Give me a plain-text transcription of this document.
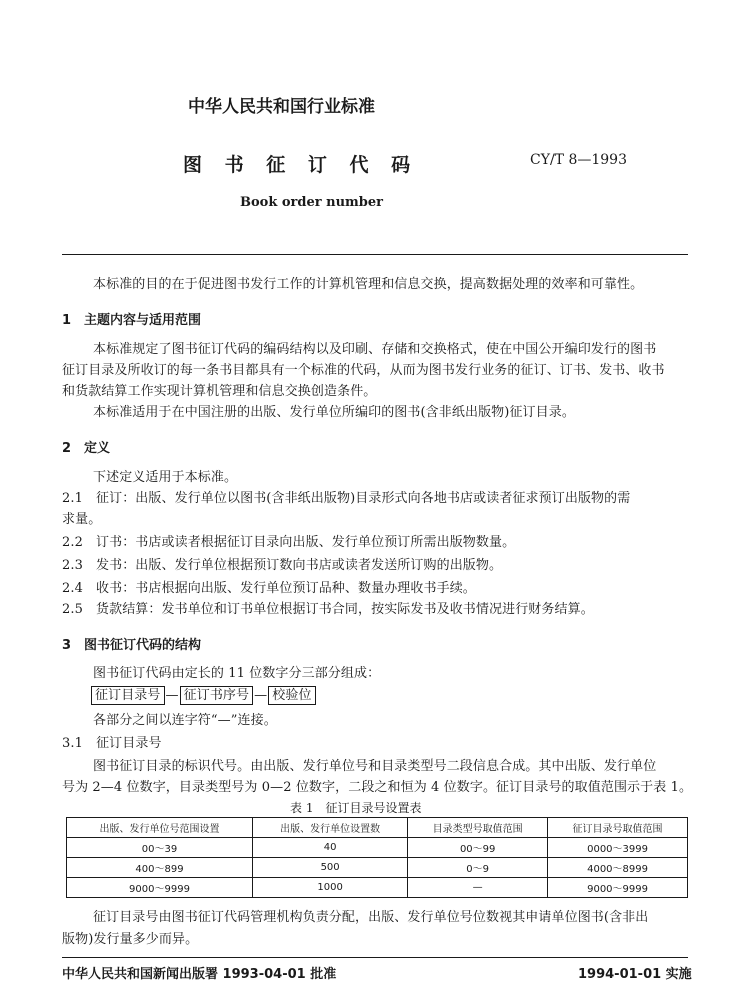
中华人民共和国行业标准
图 书 征 订 代 码	CY/T 8—1993
Book order number
本标准的目的在于促进图书发行工作的计算机管理和信息交换，提高数据处理的效率和可靠性。
1　主题内容与适用范围
本标准规定了图书征订代码的编码结构以及印刷、存储和交换格式，使在中国公开编印发行的图书
征订目录及所收订的每一条书目都具有一个标准的代码，从而为图书发行业务的征订、订书、发书、收书
和货款结算工作实现计算机管理和信息交换创造条件。
本标准适用于在中国注册的出版、发行单位所编印的图书(含非纸出版物)征订目录。
2　定义
下述定义适用于本标准。
2.1 征订：出版、发行单位以图书(含非纸出版物)目录形式向各地书店或读者征求预订出版物的需
求量。
2.2 订书：书店或读者根据征订目录向出版、发行单位预订所需出版物数量。
2.3 发书：出版、发行单位根据预订数向书店或读者发送所订购的出版物。
2.4 收书：书店根据向出版、发行单位预订品种、数量办理收书手续。
2.5 货款结算：发书单位和订书单位根据订书合同，按实际发书及收书情况进行财务结算。
3　图书征订代码的结构
图书征订代码由定长的 11 位数字分三部分组成：
征订目录号 — 征订书序号 — 校验位
各部分之间以连字符“—”连接。
3.1　征订目录号
图书征订目录的标识代号。由出版、发行单位号和目录类型号二段信息合成。其中出版、发行单位
号为 2—4 位数字，目录类型号为 0—2 位数字，二段之和恒为 4 位数字。征订目录号的取值范围示于表 1。
表 1　征订目录号设置表
出版、发行单位号范围设置	出版、发行单位设置数	目录类型号取值范围	征订目录号取值范围
00～39	40	00～99	0000～3999
400～899	500	0～9	4000～8999
9000～9999	1000	—	9000～9999
征订目录号由图书征订代码管理机构负责分配，出版、发行单位号位数视其申请单位图书(含非出
版物)发行量多少而异。
中华人民共和国新闻出版署 1993-04-01 批准	1994-01-01 实施
